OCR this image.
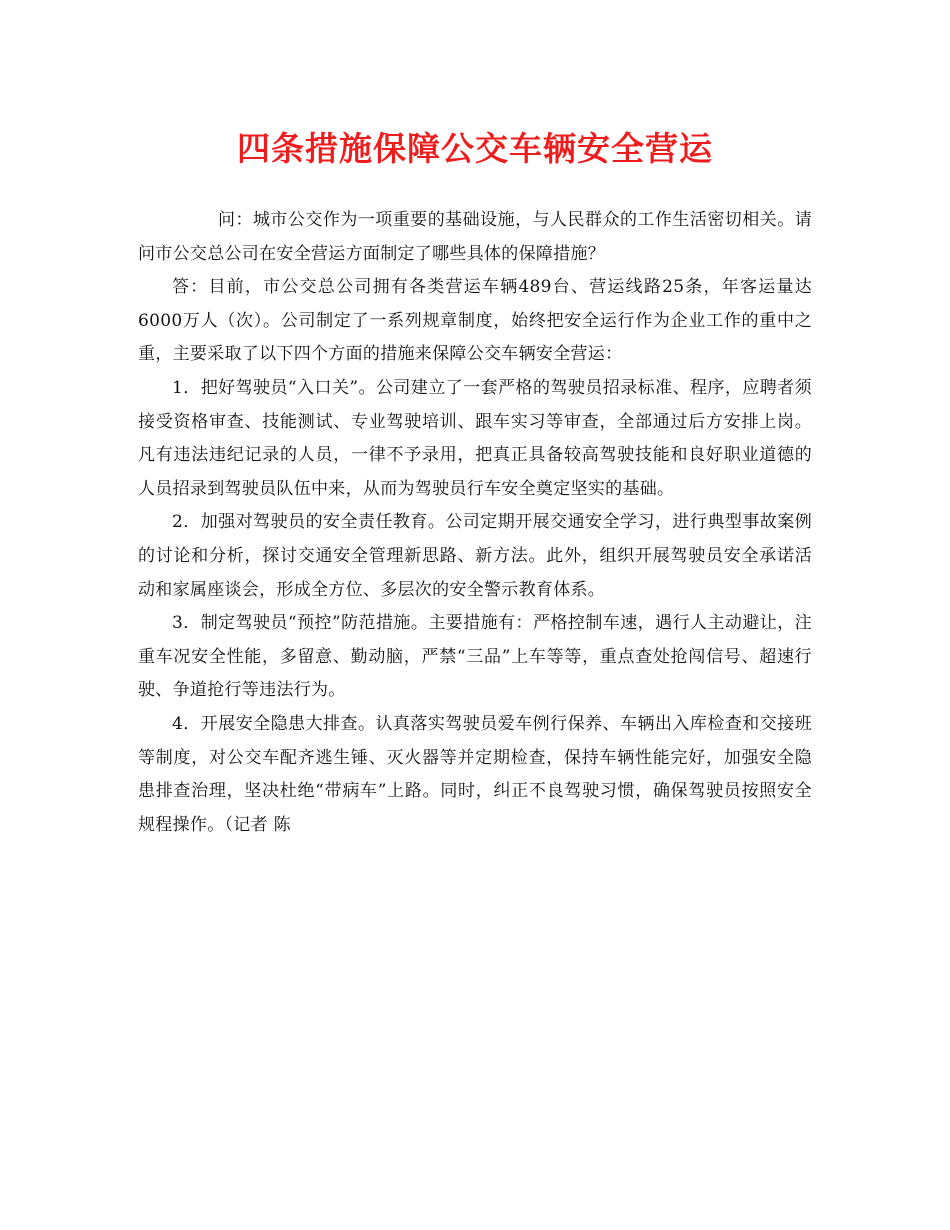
四条措施保障公交车辆安全营运

问：城市公交作为一项重要的基础设施，与人民群众的工作生活密切相关。请问市公交总公司在安全营运方面制定了哪些具体的保障措施？

答：目前，市公交总公司拥有各类营运车辆489台、营运线路25条，年客运量达6000万人（次）。公司制定了一系列规章制度，始终把安全运行作为企业工作的重中之重，主要采取了以下四个方面的措施来保障公交车辆安全营运：

1．把好驾驶员“入口关”。公司建立了一套严格的驾驶员招录标准、程序，应聘者须接受资格审查、技能测试、专业驾驶培训、跟车实习等审查，全部通过后方安排上岗。凡有违法违纪记录的人员，一律不予录用，把真正具备较高驾驶技能和良好职业道德的人员招录到驾驶员队伍中来，从而为驾驶员行车安全奠定坚实的基础。

2．加强对驾驶员的安全责任教育。公司定期开展交通安全学习，进行典型事故案例的讨论和分析，探讨交通安全管理新思路、新方法。此外，组织开展驾驶员安全承诺活动和家属座谈会，形成全方位、多层次的安全警示教育体系。

3．制定驾驶员“预控”防范措施。主要措施有：严格控制车速，遇行人主动避让，注重车况安全性能，多留意、勤动脑，严禁“三品”上车等等，重点查处抢闯信号、超速行驶、争道抢行等违法行为。

4．开展安全隐患大排查。认真落实驾驶员爱车例行保养、车辆出入库检查和交接班等制度，对公交车配齐逃生锤、灭火器等并定期检查，保持车辆性能完好，加强安全隐患排查治理，坚决杜绝“带病车”上路。同时，纠正不良驾驶习惯，确保驾驶员按照安全规程操作。（记者 陈
